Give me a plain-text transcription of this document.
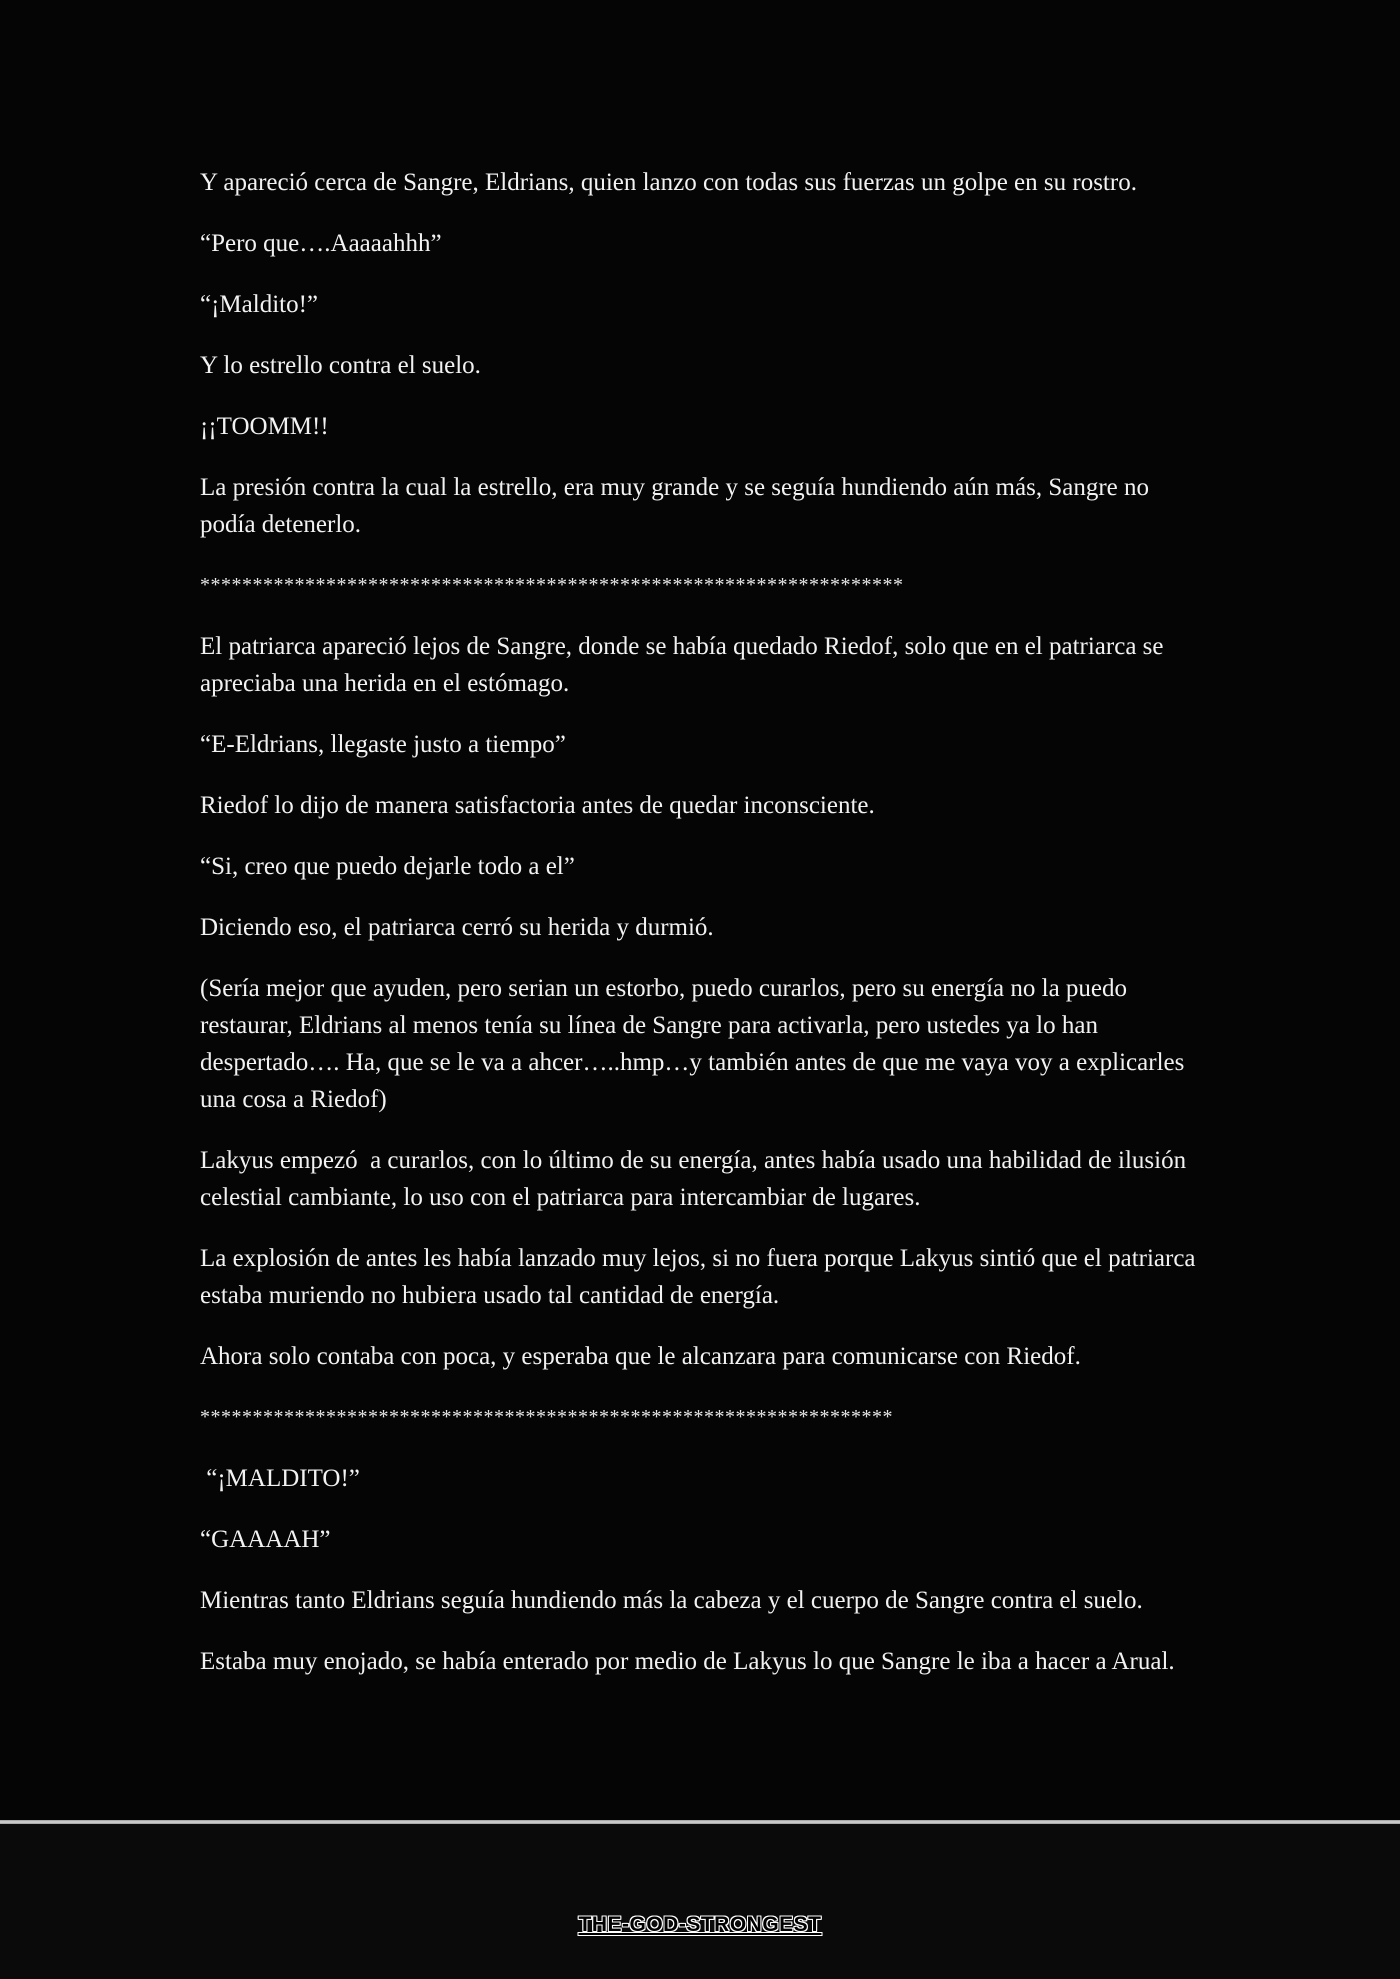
Y apareció cerca de Sangre, Eldrians, quien lanzo con todas sus fuerzas un golpe en su rostro.

“Pero que….Aaaaahhh”

“¡Maldito!”

Y lo estrello contra el suelo.

¡¡TOOMM!!

La presión contra la cual la estrello, era muy grande y se seguía hundiendo aún más, Sangre no podía detenerlo.

*******************************************************************

El patriarca apareció lejos de Sangre, donde se había quedado Riedof, solo que en el patriarca se apreciaba una herida en el estómago.

“E-Eldrians, llegaste justo a tiempo”

Riedof lo dijo de manera satisfactoria antes de quedar inconsciente.

“Si, creo que puedo dejarle todo a el”

Diciendo eso, el patriarca cerró su herida y durmió.

(Sería mejor que ayuden, pero serian un estorbo, puedo curarlos, pero su energía no la puedo restaurar, Eldrians al menos tenía su línea de Sangre para activarla, pero ustedes ya lo han despertado…. Ha, que se le va a ahcer…..hmp…y también antes de que me vaya voy a explicarles una cosa a Riedof)

Lakyus empezó  a curarlos, con lo último de su energía, antes había usado una habilidad de ilusión celestial cambiante, lo uso con el patriarca para intercambiar de lugares.

La explosión de antes les había lanzado muy lejos, si no fuera porque Lakyus sintió que el patriarca estaba muriendo no hubiera usado tal cantidad de energía.

Ahora solo contaba con poca, y esperaba que le alcanzara para comunicarse con Riedof.

******************************************************************

“¡MALDITO!”

“GAAAAH”

Mientras tanto Eldrians seguía hundiendo más la cabeza y el cuerpo de Sangre contra el suelo.

Estaba muy enojado, se había enterado por medio de Lakyus lo que Sangre le iba a hacer a Arual.

THE-GOD-STRONGEST
